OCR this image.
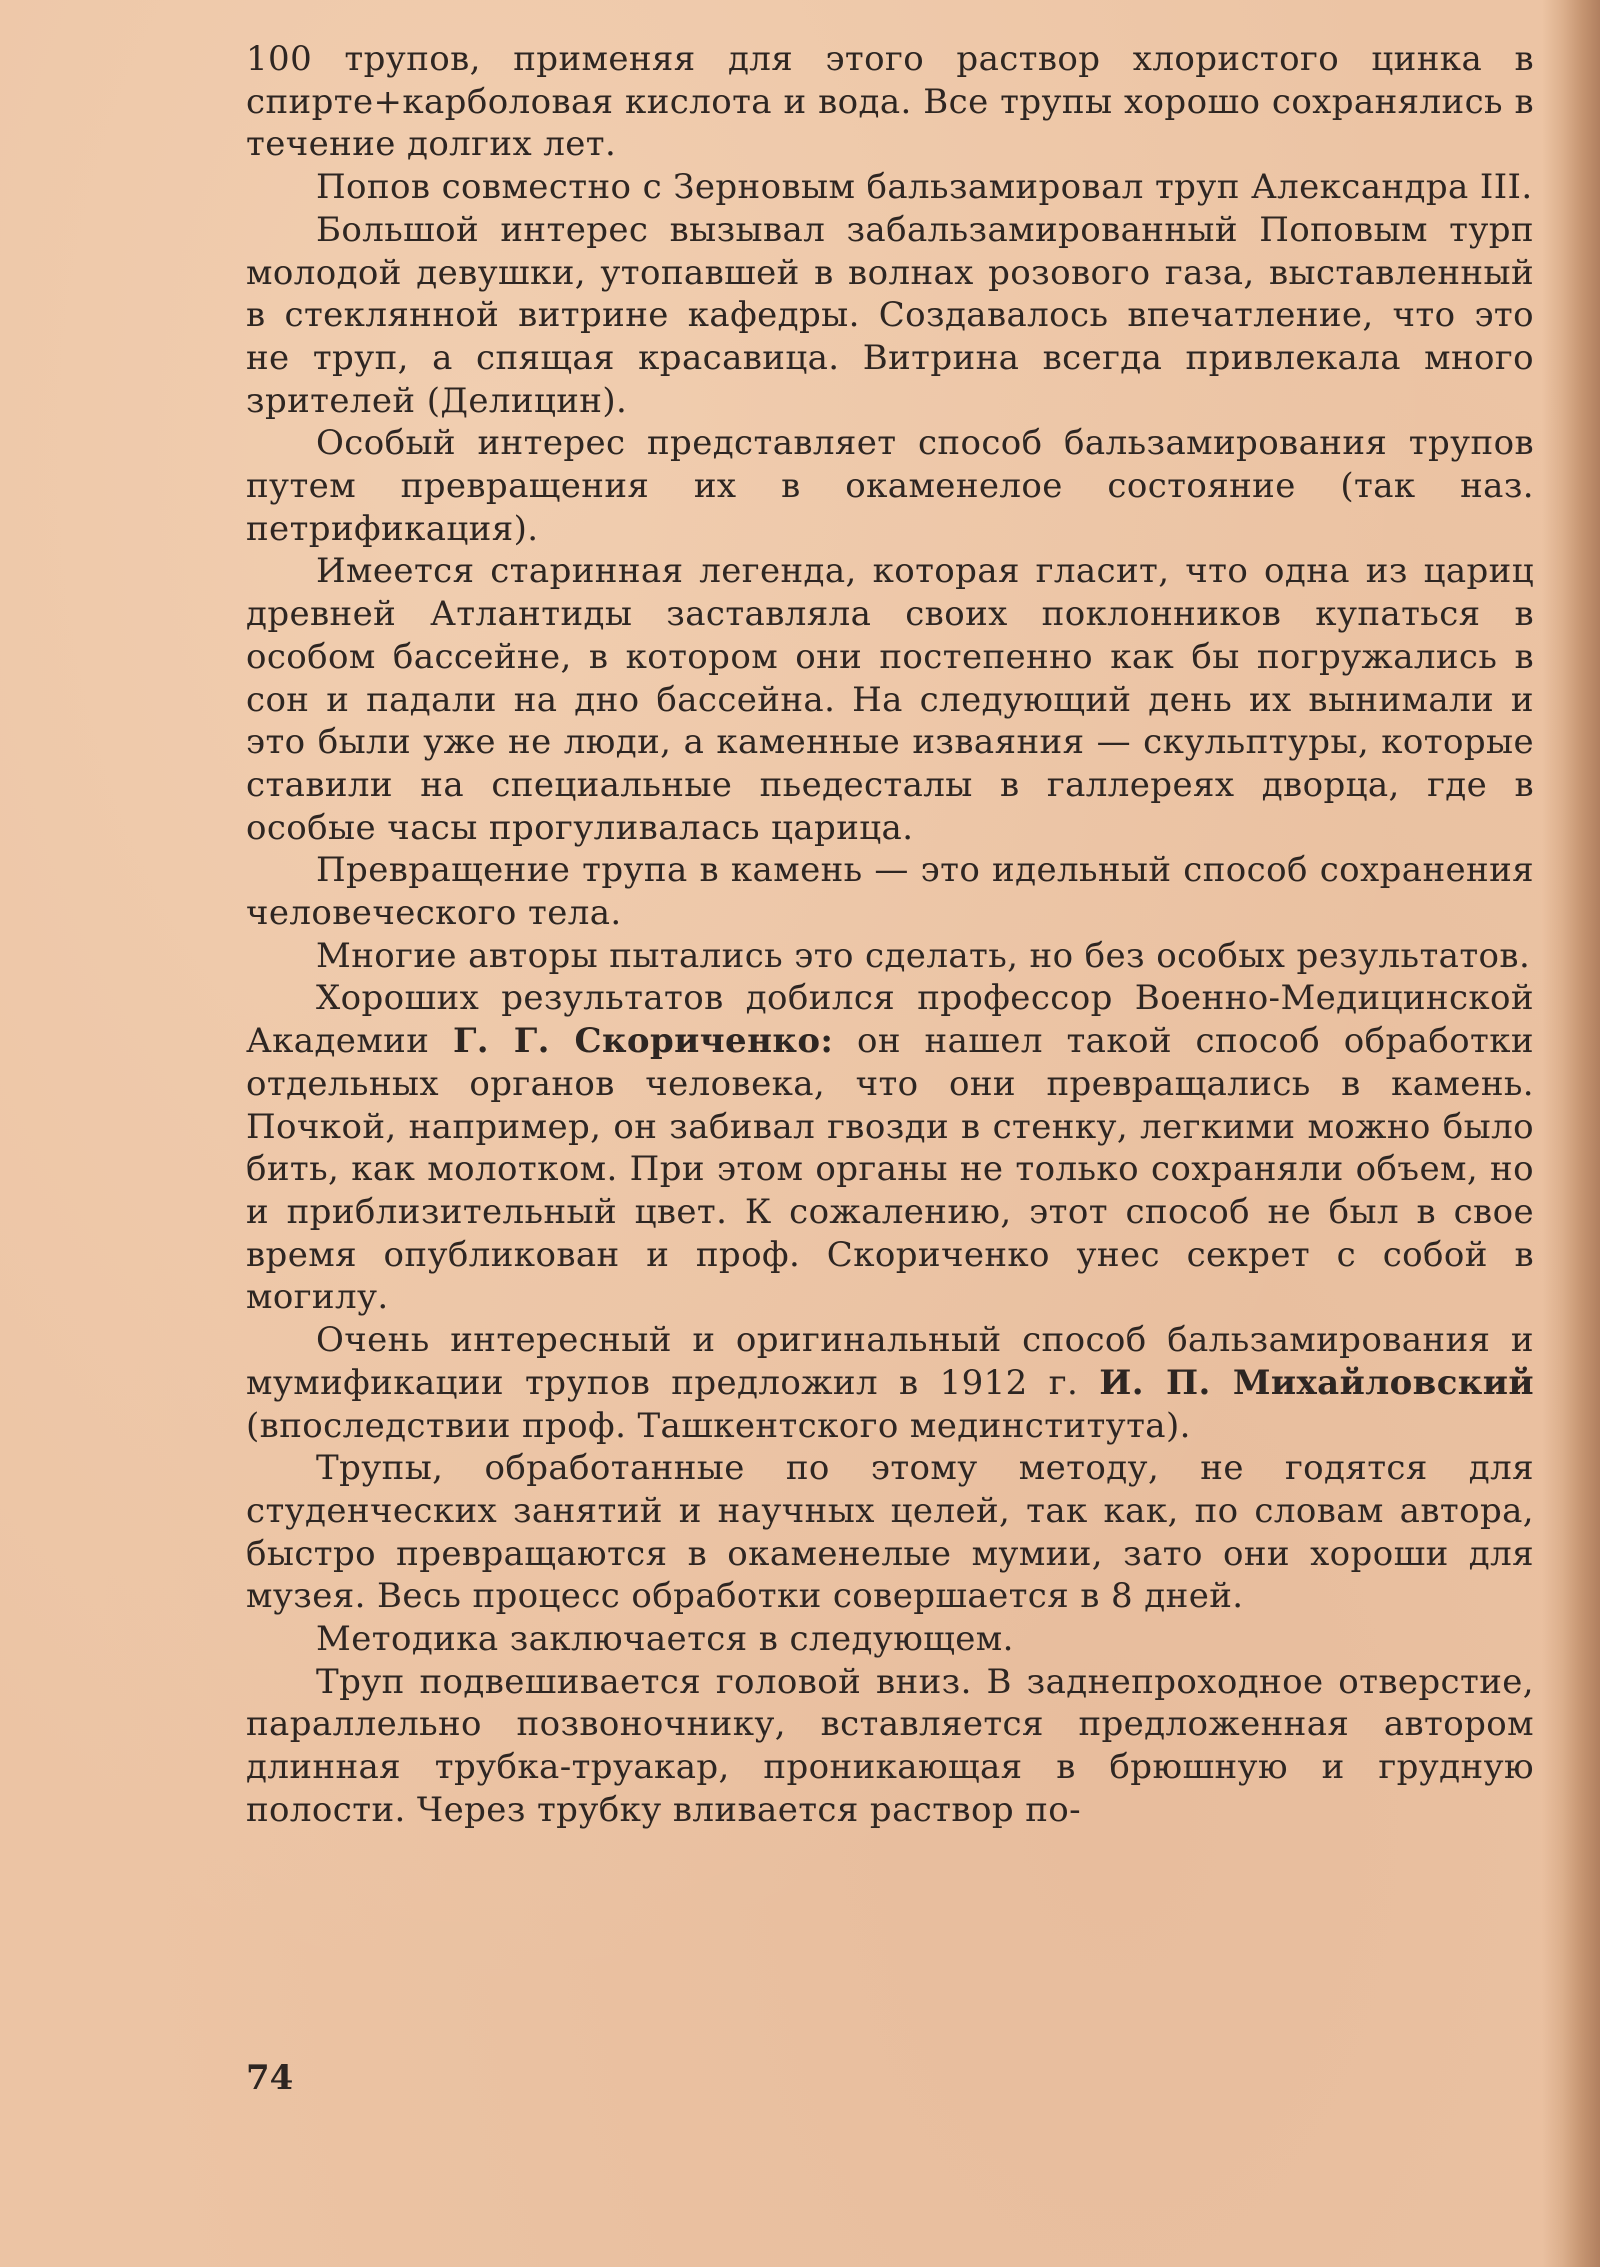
100 трупов, применяя для этого раствор хлористого цинка в спирте+карболовая кислота и вода. Все трупы хорошо сохранялись в течение долгих лет.

Попов совместно с Зерновым бальзамировал труп Александра III.

Большой интерес вызывал забальзамированный Поповым турп молодой девушки, утопавшей в волнах розового газа, выставленный в стеклянной витрине кафедры. Создавалось впечатление, что это не труп, а спящая красавица. Витрина всегда привлекала много зрителей (Делицин).

Особый интерес представляет способ бальзамирования трупов путем превращения их в окаменелое состояние (так наз. петрификация).

Имеется старинная легенда, которая гласит, что одна из цариц древней Атлантиды заставляла своих поклонников купаться в особом бассейне, в котором они постепенно как бы погружались в сон и падали на дно бассейна. На следующий день их вынимали и это были уже не люди, а каменные изваяния — скульптуры, которые ставили на специальные пьедесталы в галлереях дворца, где в особые часы прогуливалась царица.

Превращение трупа в камень — это идельный способ сохранения человеческого тела.

Многие авторы пытались это сделать, но без особых результатов.

Хороших результатов добился профессор Военно-Медицинской Академии Г. Г. Скориченко: он нашел такой способ обработки отдельных органов человека, что они превращались в камень. Почкой, например, он забивал гвозди в стенку, легкими можно было бить, как молотком. При этом органы не только сохраняли объем, но и приблизительный цвет. К сожалению, этот способ не был в свое время опубликован и проф. Скориченко унес секрет с собой в могилу.

Очень интересный и оригинальный способ бальзамирования и мумификации трупов предложил в 1912 г. И. П. Михайловский (впоследствии проф. Ташкентского мединститута).

Трупы, обработанные по этому методу, не годятся для студенческих занятий и научных целей, так как, по словам автора, быстро превращаются в окаменелые мумии, зато они хороши для музея. Весь процесс обработки совершается в 8 дней.

Методика заключается в следующем.

Труп подвешивается головой вниз. В заднепроходное отверстие, параллельно позвоночнику, вставляется предложенная автором длинная трубка-труакар, проникающая в брюшную и грудную полости. Через трубку вливается раствор по-

74
